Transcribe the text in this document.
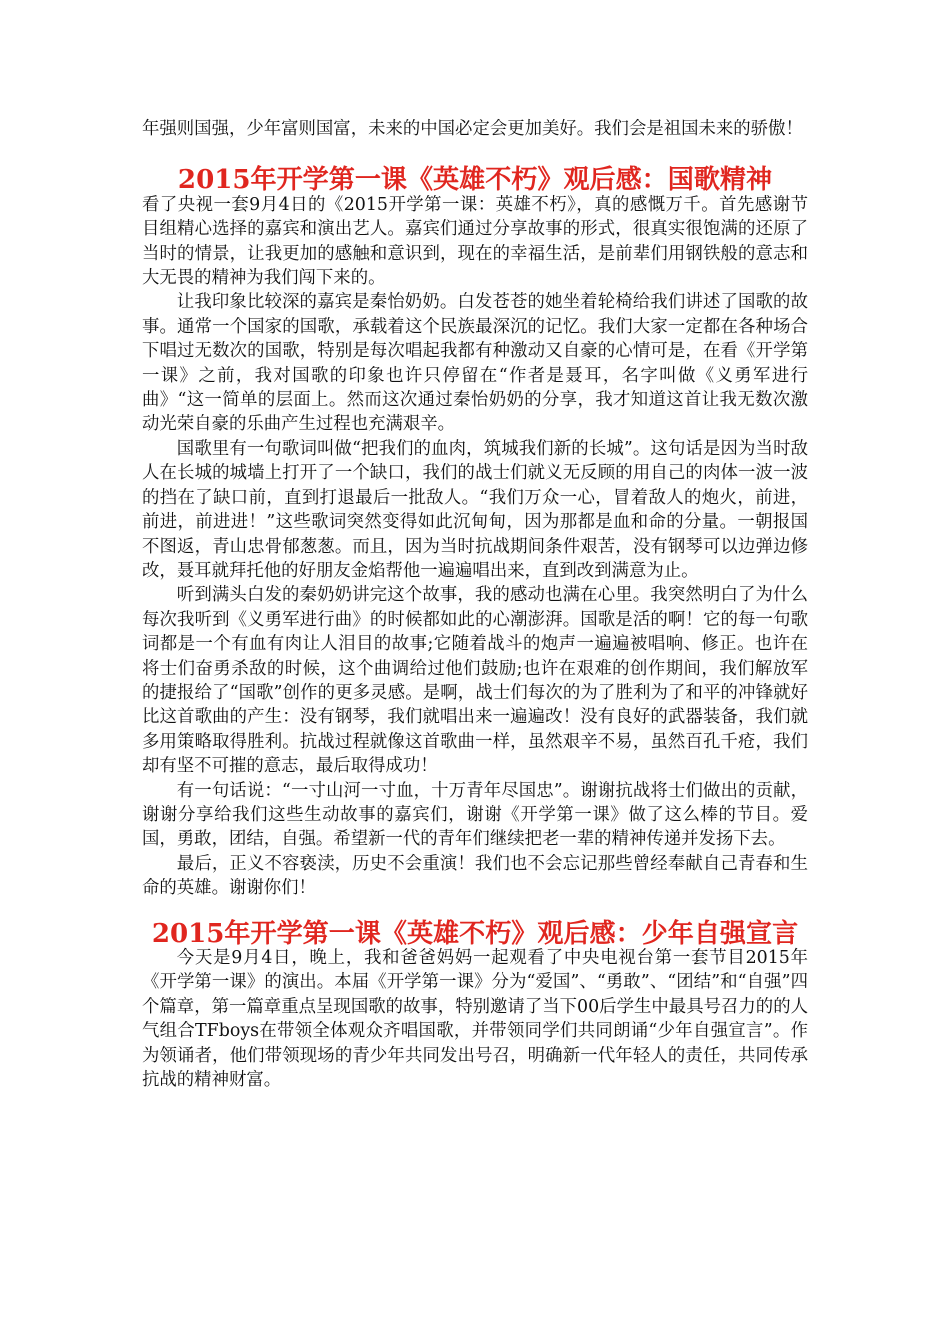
年强则国强，少年富则国富，未来的中国必定会更加美好。我们会是祖国未来的骄傲！

2015年开学第一课《英雄不朽》观后感：国歌精神

看了央视一套9月4日的《2015开学第一课：英雄不朽》，真的感慨万千。首先感谢节目组精心选择的嘉宾和演出艺人。嘉宾们通过分享故事的形式，很真实很饱满的还原了当时的情景，让我更加的感触和意识到，现在的幸福生活，是前辈们用钢铁般的意志和大无畏的精神为我们闯下来的。

让我印象比较深的嘉宾是秦怡奶奶。白发苍苍的她坐着轮椅给我们讲述了国歌的故事。通常一个国家的国歌，承载着这个民族最深沉的记忆。我们大家一定都在各种场合下唱过无数次的国歌，特别是每次唱起我都有种激动又自豪的心情可是，在看《开学第一课》之前，我对国歌的印象也许只停留在“作者是聂耳，名字叫做《义勇军进行曲》“这一简单的层面上。然而这次通过秦怡奶奶的分享，我才知道这首让我无数次激动光荣自豪的乐曲产生过程也充满艰辛。

国歌里有一句歌词叫做“把我们的血肉，筑城我们新的长城”。这句话是因为当时敌人在长城的城墙上打开了一个缺口，我们的战士们就义无反顾的用自己的肉体一波一波的挡在了缺口前，直到打退最后一批敌人。“我们万众一心，冒着敌人的炮火，前进，前进，前进进！”这些歌词突然变得如此沉甸甸，因为那都是血和命的分量。一朝报国不图返，青山忠骨郁葱葱。而且，因为当时抗战期间条件艰苦，没有钢琴可以边弹边修改，聂耳就拜托他的好朋友金焰帮他一遍遍唱出来，直到改到满意为止。

听到满头白发的秦奶奶讲完这个故事，我的感动也满在心里。我突然明白了为什么每次我听到《义勇军进行曲》的时候都如此的心潮澎湃。国歌是活的啊！它的每一句歌词都是一个有血有肉让人泪目的故事;它随着战斗的炮声一遍遍被唱响、修正。也许在将士们奋勇杀敌的时候，这个曲调给过他们鼓励;也许在艰难的创作期间，我们解放军的捷报给了“国歌”创作的更多灵感。是啊，战士们每次的为了胜利为了和平的冲锋就好比这首歌曲的产生：没有钢琴，我们就唱出来一遍遍改！没有良好的武器装备，我们就多用策略取得胜利。抗战过程就像这首歌曲一样，虽然艰辛不易，虽然百孔千疮，我们却有坚不可摧的意志，最后取得成功！

有一句话说：“一寸山河一寸血，十万青年尽国忠”。谢谢抗战将士们做出的贡献，谢谢分享给我们这些生动故事的嘉宾们，谢谢《开学第一课》做了这么棒的节目。爱国，勇敢，团结，自强。希望新一代的青年们继续把老一辈的精神传递并发扬下去。

最后，正义不容亵渎，历史不会重演！我们也不会忘记那些曾经奉献自己青春和生命的英雄。谢谢你们！

2015年开学第一课《英雄不朽》观后感：少年自强宣言

今天是9月4日，晚上，我和爸爸妈妈一起观看了中央电视台第一套节目2015年《开学第一课》的演出。本届《开学第一课》分为“爱国”、“勇敢”、“团结”和“自强”四个篇章，第一篇章重点呈现国歌的故事，特别邀请了当下00后学生中最具号召力的的人气组合TFboys在带领全体观众齐唱国歌，并带领同学们共同朗诵“少年自强宣言”。作为领诵者，他们带领现场的青少年共同发出号召，明确新一代年轻人的责任，共同传承抗战的精神财富。
